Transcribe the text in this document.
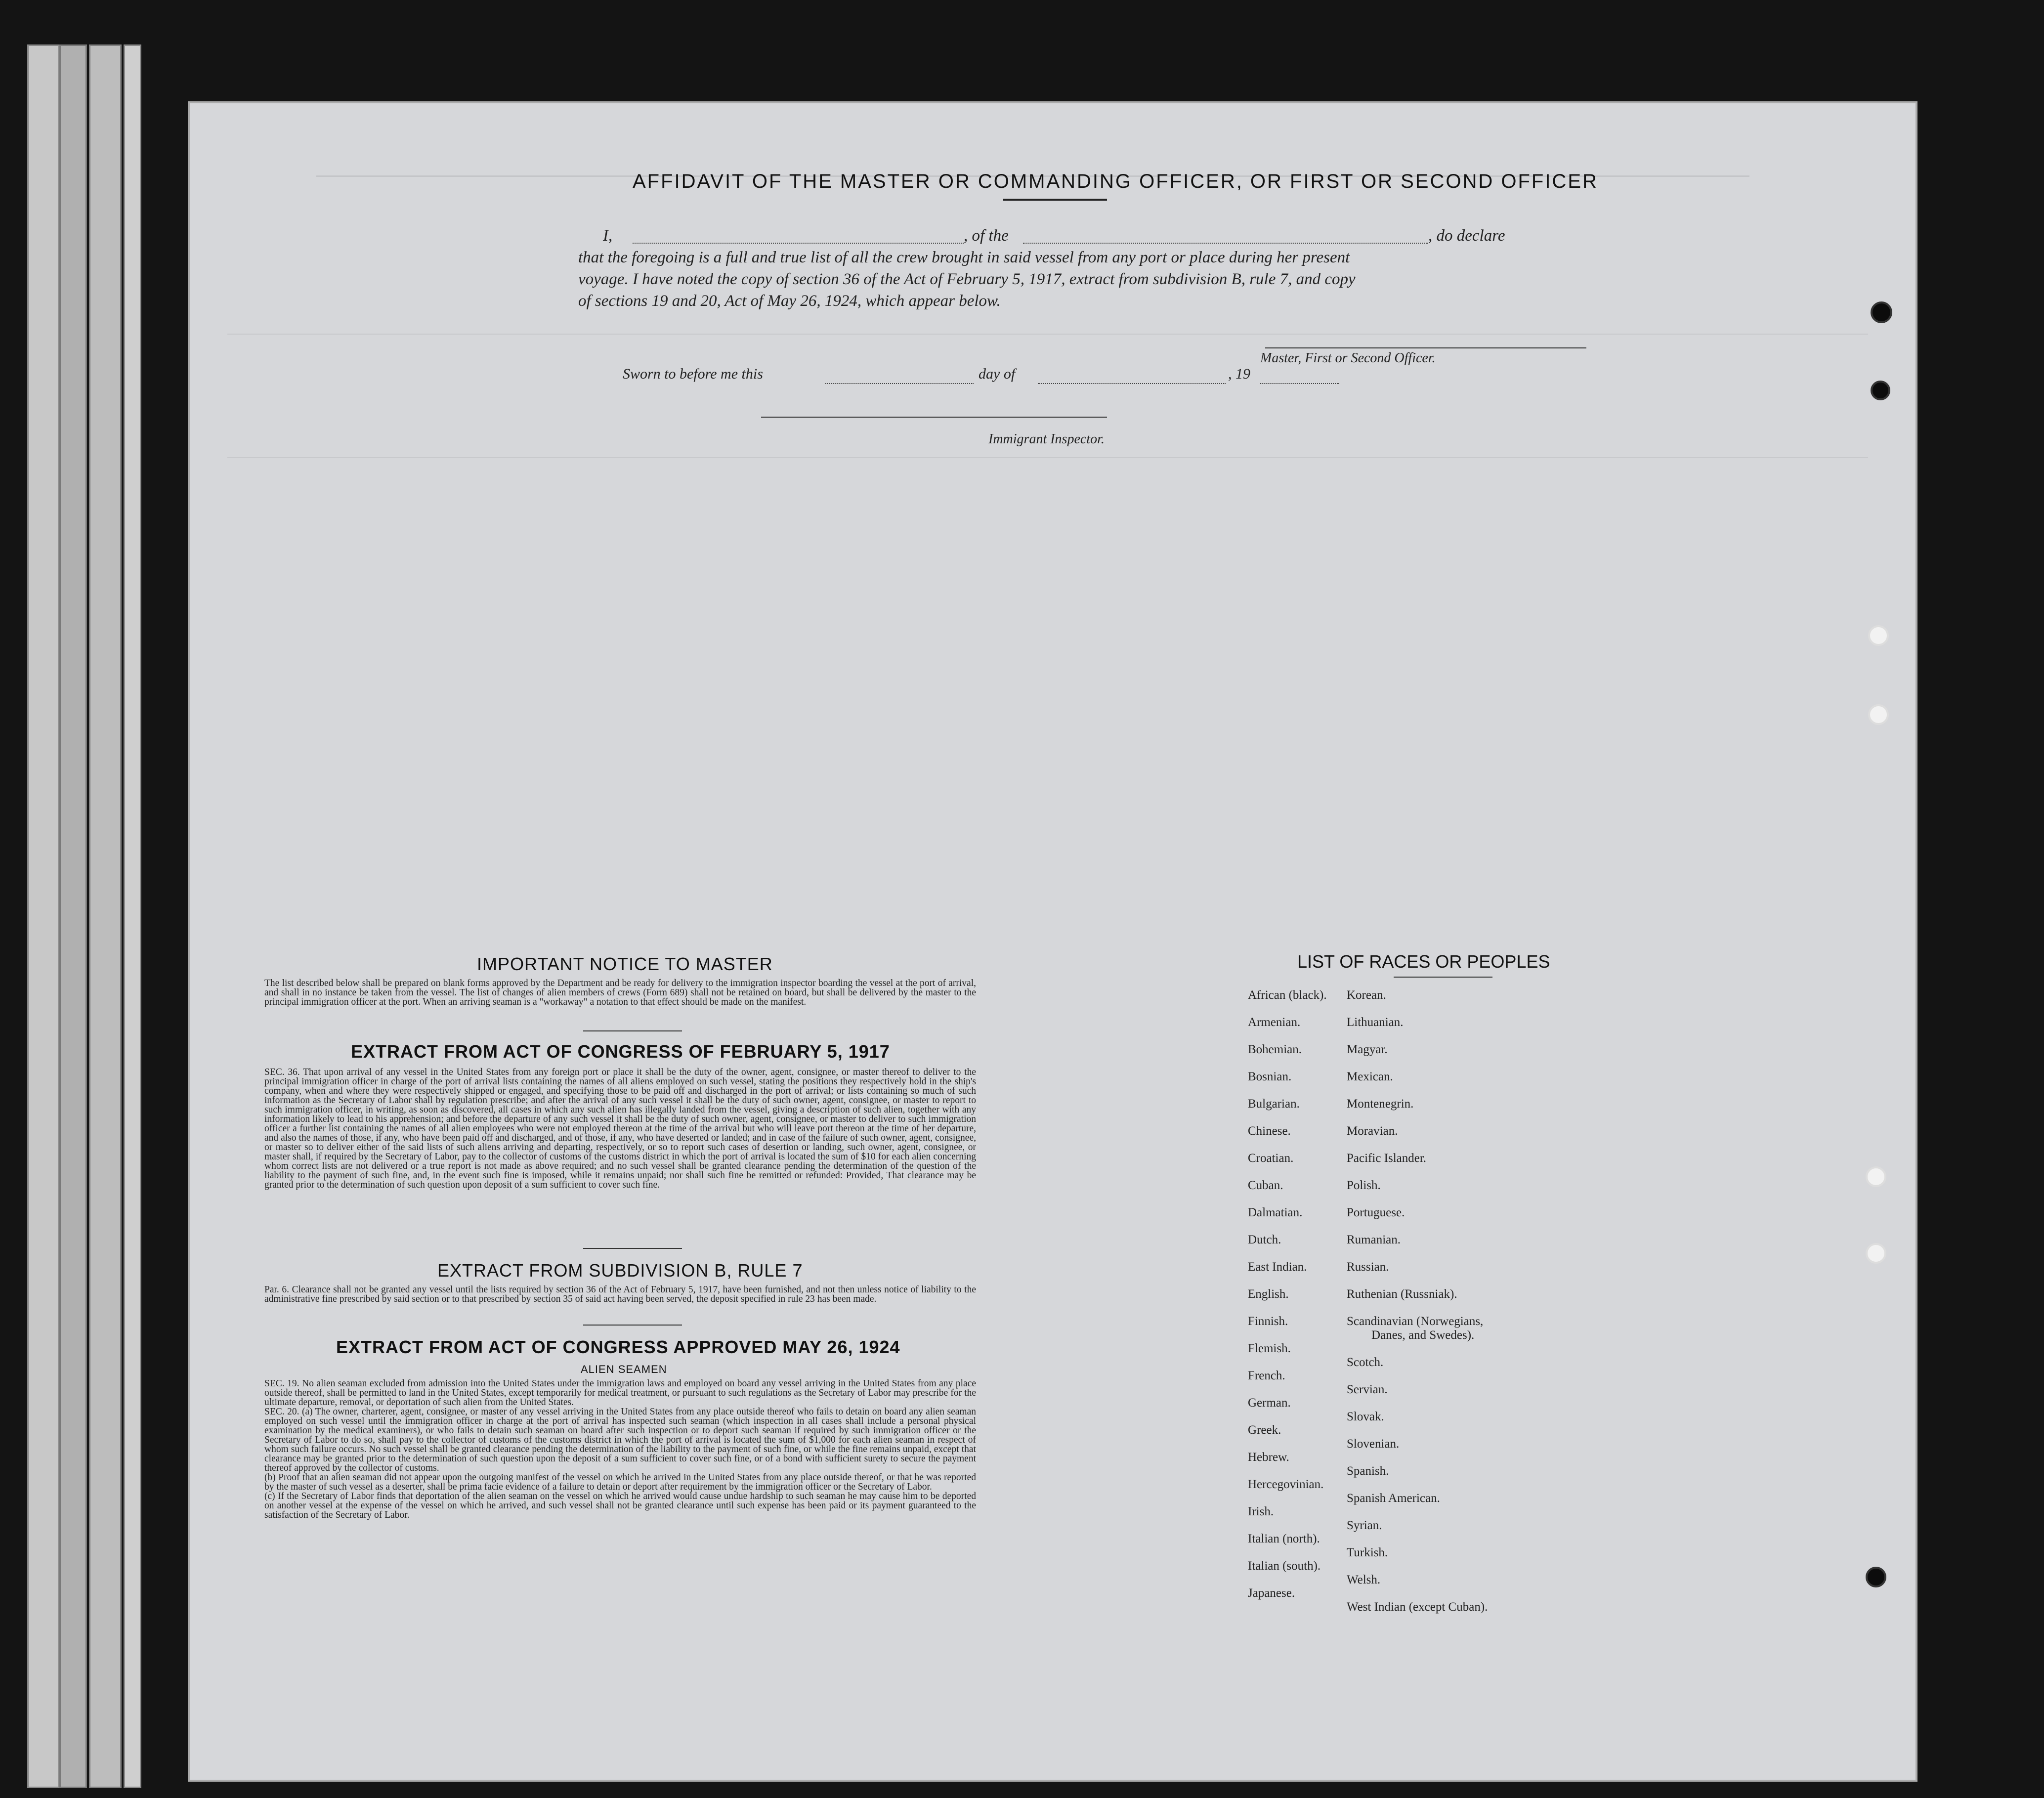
AFFIDAVIT OF THE MASTER OR COMMANDING OFFICER, OR FIRST OR SECOND OFFICER
I,	, of the	, do declare
that the foregoing is a full and true list of all the crew brought in said vessel from any port or place during her present
voyage. I have noted the copy of section 36 of the Act of February 5, 1917, extract from subdivision B, rule 7, and copy
of sections 19 and 20, Act of May 26, 1924, which appear below.
Master, First or Second Officer.
Sworn to before me this	day of	, 19
Immigrant Inspector.
IMPORTANT NOTICE TO MASTER
The list described below shall be prepared on blank forms approved by the Department and be ready for delivery to the immigration inspector boarding the vessel at the port of arrival, and shall in no instance be taken from the vessel. The list of changes of alien members of crews (Form 689) shall not be retained on board, but shall be delivered by the master to the principal immigration officer at the port. When an arriving seaman is a "workaway" a notation to that effect should be made on the manifest.
EXTRACT FROM ACT OF CONGRESS OF FEBRUARY 5, 1917
SEC. 36. That upon arrival of any vessel in the United States from any foreign port or place it shall be the duty of the owner, agent, consignee, or master thereof to deliver to the principal immigration officer in charge of the port of arrival lists containing the names of all aliens employed on such vessel, stating the positions they respectively hold in the ship's company, when and where they were respectively shipped or engaged, and specifying those to be paid off and discharged in the port of arrival; or lists containing so much of such information as the Secretary of Labor shall by regulation prescribe; and after the arrival of any such vessel it shall be the duty of such owner, agent, consignee, or master to report to such immigration officer, in writing, as soon as discovered, all cases in which any such alien has illegally landed from the vessel, giving a description of such alien, together with any information likely to lead to his apprehension; and before the departure of any such vessel it shall be the duty of such owner, agent, consignee, or master to deliver to such immigration officer a further list containing the names of all alien employees who were not employed thereon at the time of the arrival but who will leave port thereon at the time of her departure, and also the names of those, if any, who have been paid off and discharged, and of those, if any, who have deserted or landed; and in case of the failure of such owner, agent, consignee, or master so to deliver either of the said lists of such aliens arriving and departing, respectively, or so to report such cases of desertion or landing, such owner, agent, consignee, or master shall, if required by the Secretary of Labor, pay to the collector of customs of the customs district in which the port of arrival is located the sum of $10 for each alien concerning whom correct lists are not delivered or a true report is not made as above required; and no such vessel shall be granted clearance pending the determination of the question of the liability to the payment of such fine, and, in the event such fine is imposed, while it remains unpaid; nor shall such fine be remitted or refunded: Provided, That clearance may be granted prior to the determination of such question upon deposit of a sum sufficient to cover such fine.
EXTRACT FROM SUBDIVISION B, RULE 7
Par. 6. Clearance shall not be granted any vessel until the lists required by section 36 of the Act of February 5, 1917, have been furnished, and not then unless notice of liability to the administrative fine prescribed by said section or to that prescribed by section 35 of said act having been served, the deposit specified in rule 23 has been made.
EXTRACT FROM ACT OF CONGRESS APPROVED MAY 26, 1924
ALIEN SEAMEN
SEC. 19. No alien seaman excluded from admission into the United States under the immigration laws and employed on board any vessel arriving in the United States from any place outside thereof, shall be permitted to land in the United States, except temporarily for medical treatment, or pursuant to such regulations as the Secretary of Labor may prescribe for the ultimate departure, removal, or deportation of such alien from the United States.
SEC. 20. (a) The owner, charterer, agent, consignee, or master of any vessel arriving in the United States from any place outside thereof who fails to detain on board any alien seaman employed on such vessel until the immigration officer in charge at the port of arrival has inspected such seaman (which inspection in all cases shall include a personal physical examination by the medical examiners), or who fails to detain such seaman on board after such inspection or to deport such seaman if required by such immigration officer or the Secretary of Labor to do so, shall pay to the collector of customs of the customs district in which the port of arrival is located the sum of $1,000 for each alien seaman in respect of whom such failure occurs. No such vessel shall be granted clearance pending the determination of the liability to the payment of such fine, or while the fine remains unpaid, except that clearance may be granted prior to the determination of such question upon the deposit of a sum sufficient to cover such fine, or of a bond with sufficient surety to secure the payment thereof approved by the collector of customs.
(b) Proof that an alien seaman did not appear upon the outgoing manifest of the vessel on which he arrived in the United States from any place outside thereof, or that he was reported by the master of such vessel as a deserter, shall be prima facie evidence of a failure to detain or deport after requirement by the immigration officer or the Secretary of Labor.
(c) If the Secretary of Labor finds that deportation of the alien seaman on the vessel on which he arrived would cause undue hardship to such seaman he may cause him to be deported on another vessel at the expense of the vessel on which he arrived, and such vessel shall not be granted clearance until such expense has been paid or its payment guaranteed to the satisfaction of the Secretary of Labor.
LIST OF RACES OR PEOPLES
African (black).
Armenian.
Bohemian.
Bosnian.
Bulgarian.
Chinese.
Croatian.
Cuban.
Dalmatian.
Dutch.
East Indian.
English.
Finnish.
Flemish.
French.
German.
Greek.
Hebrew.
Hercegovinian.
Irish.
Italian (north).
Italian (south).
Japanese.
Korean.
Lithuanian.
Magyar.
Mexican.
Montenegrin.
Moravian.
Pacific Islander.
Polish.
Portuguese.
Rumanian.
Russian.
Ruthenian (Russniak).
Scandinavian (Norwegians,
Danes, and Swedes).
Scotch.
Servian.
Slovak.
Slovenian.
Spanish.
Spanish American.
Syrian.
Turkish.
Welsh.
West Indian (except Cuban).
